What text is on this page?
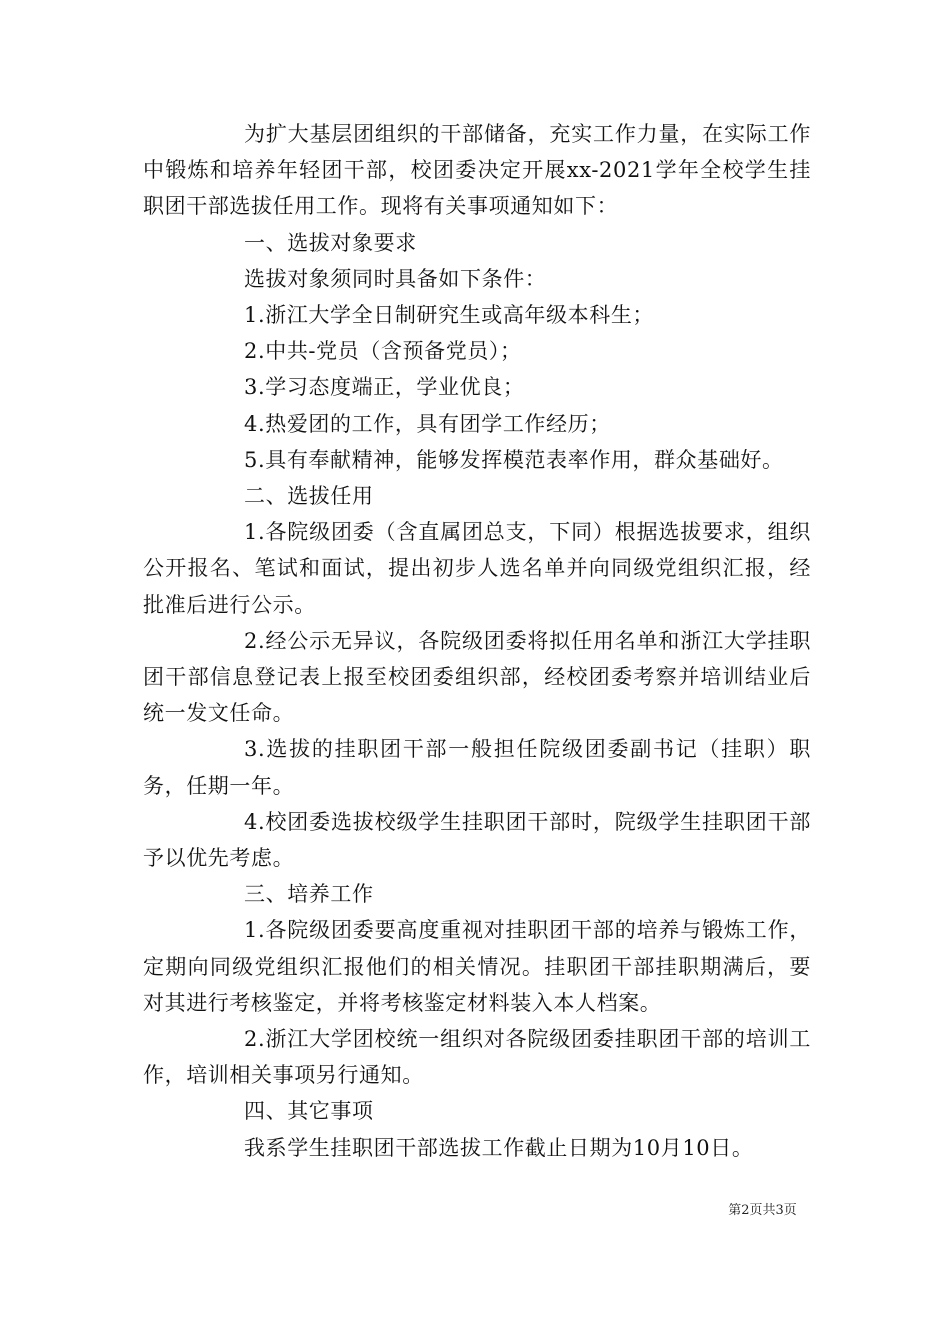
为扩大基层团组织的干部储备，充实工作力量，在实际工作中锻炼和培养年轻团干部，校团委决定开展xx-2021学年全校学生挂职团干部选拔任用工作。现将有关事项通知如下：

一、选拔对象要求

选拔对象须同时具备如下条件：

1.浙江大学全日制研究生或高年级本科生；

2.中共-党员（含预备党员）；

3.学习态度端正，学业优良；

4.热爱团的工作，具有团学工作经历；

5.具有奉献精神，能够发挥模范表率作用，群众基础好。

二、选拔任用

1.各院级团委（含直属团总支，下同）根据选拔要求，组织公开报名、笔试和面试，提出初步人选名单并向同级党组织汇报，经批准后进行公示。

2.经公示无异议，各院级团委将拟任用名单和浙江大学挂职团干部信息登记表上报至校团委组织部，经校团委考察并培训结业后统一发文任命。

3.选拔的挂职团干部一般担任院级团委副书记（挂职）职务，任期一年。

4.校团委选拔校级学生挂职团干部时，院级学生挂职团干部予以优先考虑。

三、培养工作

1.各院级团委要高度重视对挂职团干部的培养与锻炼工作，定期向同级党组织汇报他们的相关情况。挂职团干部挂职期满后，要对其进行考核鉴定，并将考核鉴定材料装入本人档案。

2.浙江大学团校统一组织对各院级团委挂职团干部的培训工作，培训相关事项另行通知。

四、其它事项

我系学生挂职团干部选拔工作截止日期为10月10日。

第2页共3页
